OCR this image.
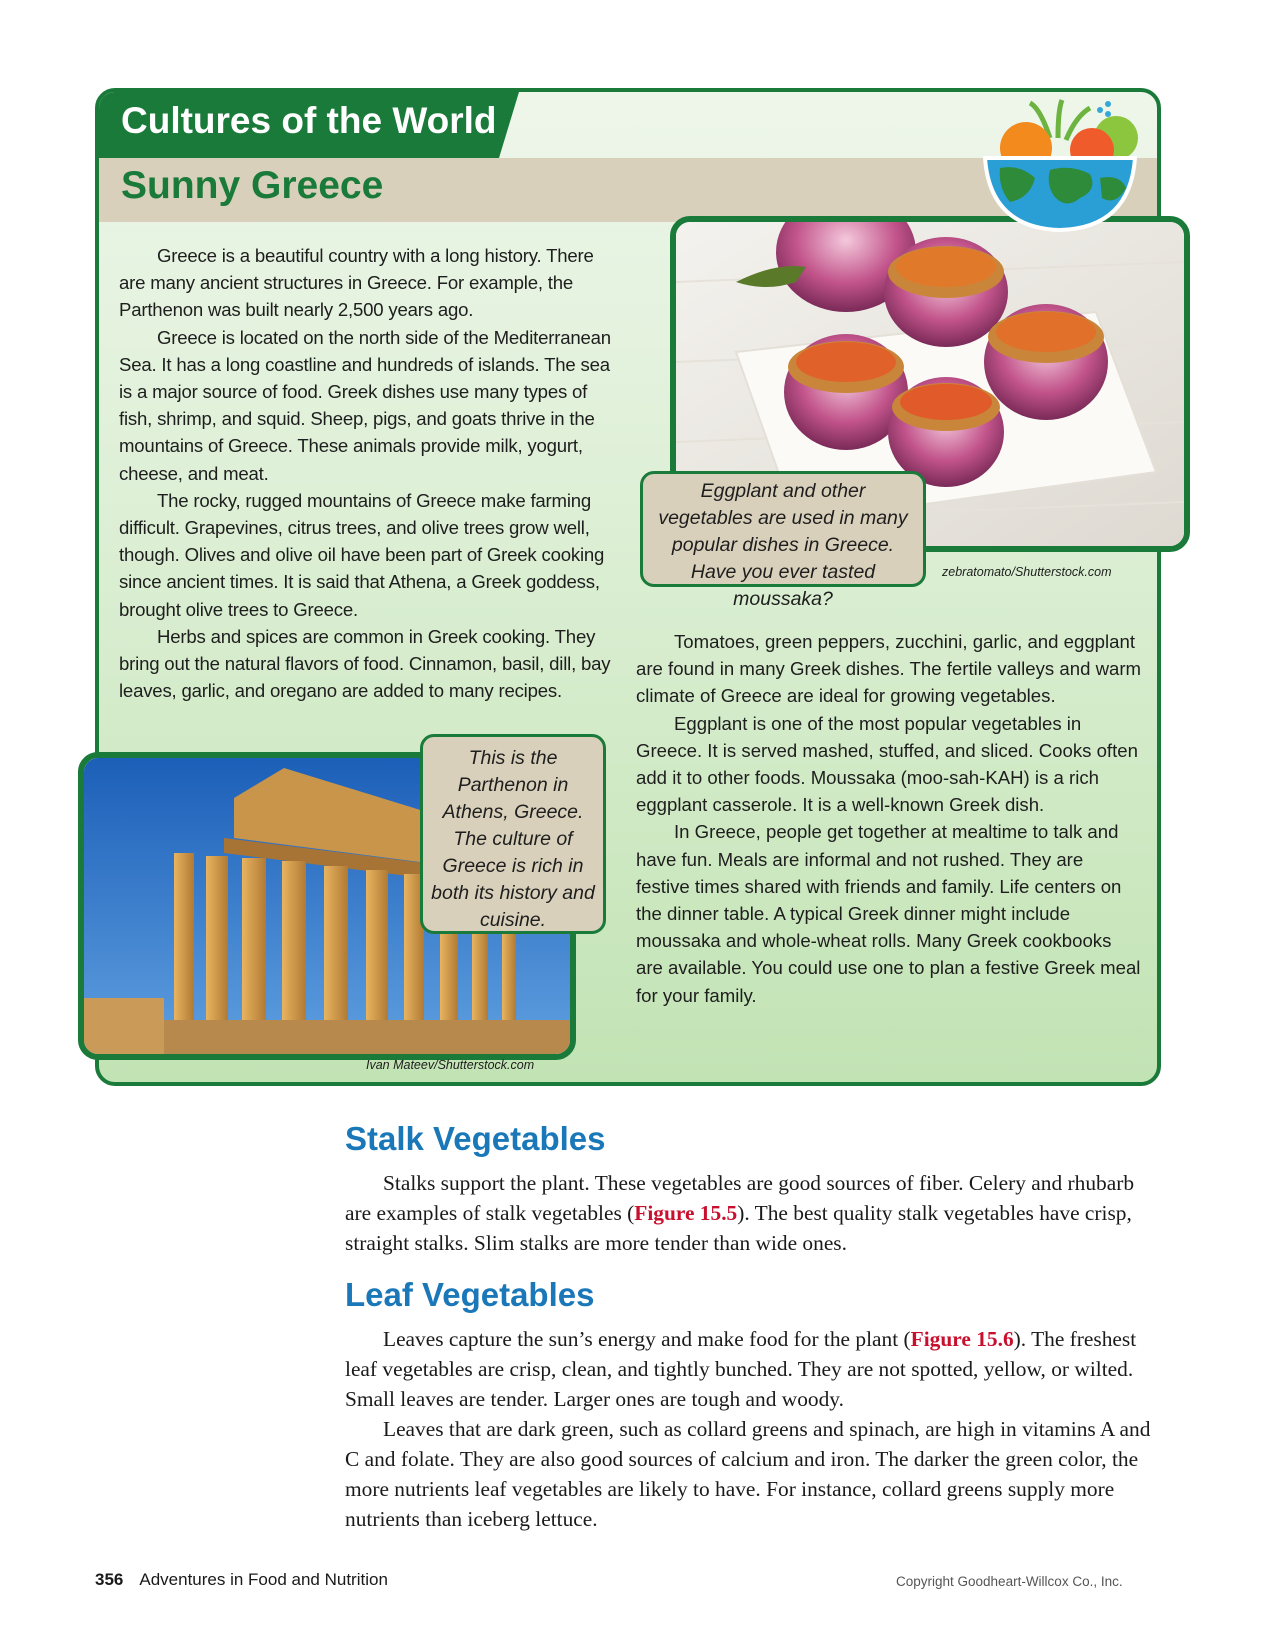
Cultures of the World
Sunny Greece

Greece is a beautiful country with a long history. There are many ancient structures in Greece. For example, the Parthenon was built nearly 2,500 years ago.

Greece is located on the north side of the Mediterranean Sea. It has a long coastline and hundreds of islands. The sea is a major source of food. Greek dishes use many types of fish, shrimp, and squid. Sheep, pigs, and goats thrive in the mountains of Greece. These animals provide milk, yogurt, cheese, and meat.

The rocky, rugged mountains of Greece make farming difficult. Grapevines, citrus trees, and olive trees grow well, though. Olives and olive oil have been part of Greek cooking since ancient times. It is said that Athena, a Greek goddess, brought olive trees to Greece.

Herbs and spices are common in Greek cooking. They bring out the natural flavors of food. Cinnamon, basil, dill, bay leaves, garlic, and oregano are added to many recipes.

Tomatoes, green peppers, zucchini, garlic, and eggplant are found in many Greek dishes. The fertile valleys and warm climate of Greece are ideal for growing vegetables.

Eggplant is one of the most popular vegetables in Greece. It is served mashed, stuffed, and sliced. Cooks often add it to other foods. Moussaka (moo-sah-KAH) is a rich eggplant casserole. It is a well-known Greek dish.

In Greece, people get together at mealtime to talk and have fun. Meals are informal and not rushed. They are festive times shared with friends and family. Life centers on the dinner table. A typical Greek dinner might include moussaka and whole-wheat rolls. Many Greek cookbooks are available. You could use one to plan a festive Greek meal for your family.

Eggplant and other vegetables are used in many popular dishes in Greece. Have you ever tasted moussaka?
This is the Parthenon in Athens, Greece. The culture of Greece is rich in both its history and cuisine.
zebratomato/Shutterstock.com
Ivan Mateev/Shutterstock.com
Stalk Vegetables

Stalks support the plant. These vegetables are good sources of fiber. Celery and rhubarb are examples of stalk vegetables (Figure 15.5). The best quality stalk vegetables have crisp, straight stalks. Slim stalks are more tender than wide ones.

Leaf Vegetables

Leaves capture the sun’s energy and make food for the plant (Figure 15.6). The freshest leaf vegetables are crisp, clean, and tightly bunched. They are not spotted, yellow, or wilted. Small leaves are tender. Larger ones are tough and woody.

Leaves that are dark green, such as collard greens and spinach, are high in vitamins A and C and folate. They are also good sources of calcium and iron. The darker the green color, the more nutrients leaf vegetables are likely to have. For instance, collard greens supply more nutrients than iceberg lettuce.

356 Adventures in Food and Nutrition	Copyright Goodheart-Willcox Co., Inc.
